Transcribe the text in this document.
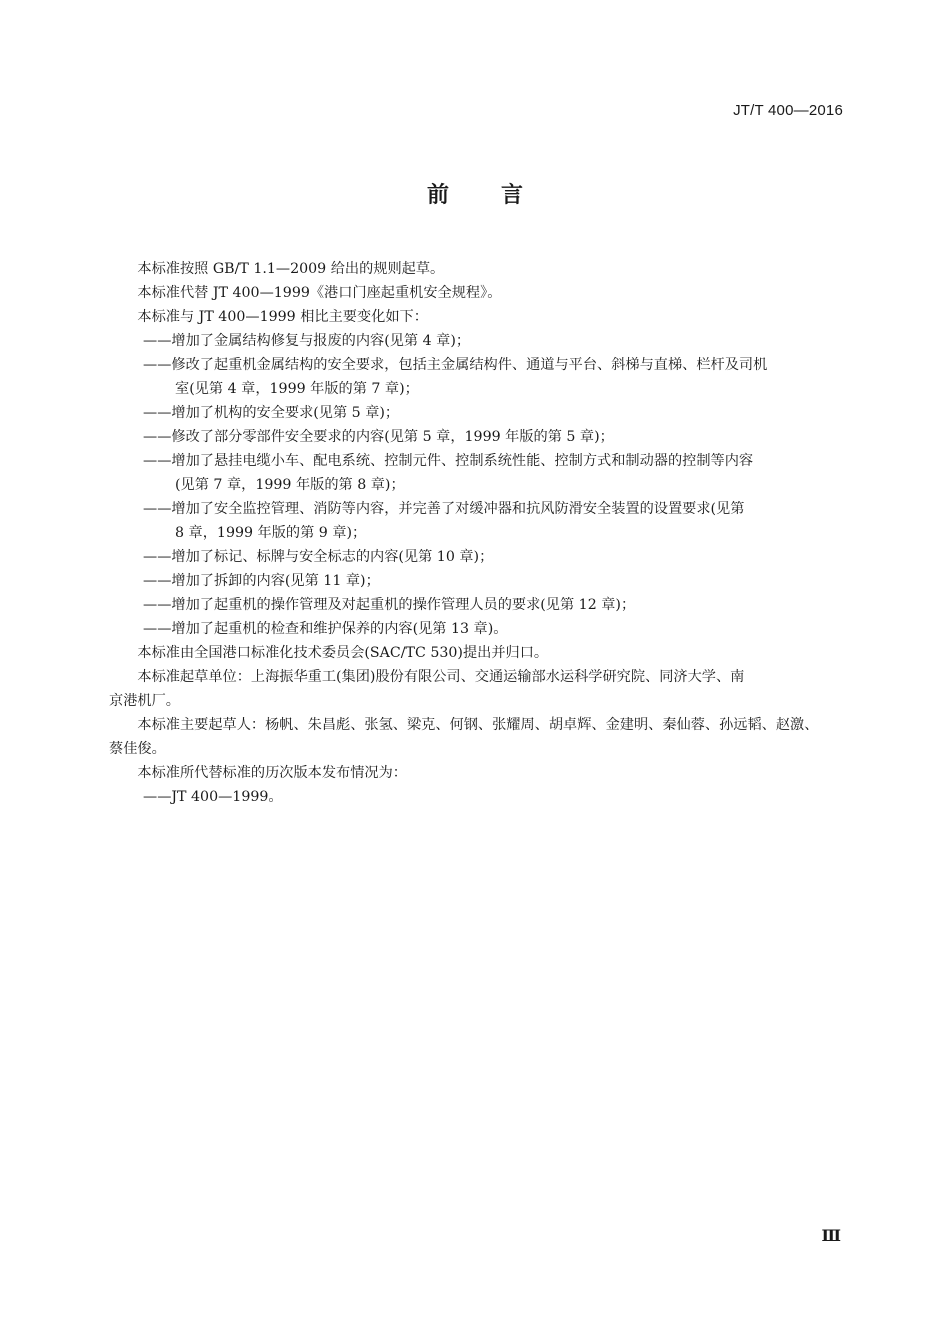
JT/T 400—2016
前言

本标准按照 GB/T 1.1—2009 给出的规则起草。

本标准代替 JT 400—1999《港口门座起重机安全规程》。

本标准与 JT 400—1999 相比主要变化如下：

——增加了金属结构修复与报废的内容(见第 4 章)；

——修改了起重机金属结构的安全要求，包括主金属结构件、通道与平台、斜梯与直梯、栏杆及司机
室(见第 4 章，1999 年版的第 7 章)；

——增加了机构的安全要求(见第 5 章)；

——修改了部分零部件安全要求的内容(见第 5 章，1999 年版的第 5 章)；

——增加了悬挂电缆小车、配电系统、控制元件、控制系统性能、控制方式和制动器的控制等内容
(见第 7 章，1999 年版的第 8 章)；

——增加了安全监控管理、消防等内容，并完善了对缓冲器和抗风防滑安全装置的设置要求(见第
8 章，1999 年版的第 9 章)；

——增加了标记、标牌与安全标志的内容(见第 10 章)；

——增加了拆卸的内容(见第 11 章)；

——增加了起重机的操作管理及对起重机的操作管理人员的要求(见第 12 章)；

——增加了起重机的检查和维护保养的内容(见第 13 章)。

本标准由全国港口标准化技术委员会(SAC/TC 530)提出并归口。

本标准起草单位：上海振华重工(集团)股份有限公司、交通运输部水运科学研究院、同济大学、南
京港机厂。

本标准主要起草人：杨帆、朱昌彪、张氢、梁克、何钢、张耀周、胡卓辉、金建明、秦仙蓉、孙远韬、赵激、
蔡佳俊。

本标准所代替标准的历次版本发布情况为：

——JT 400—1999。

Ⅲ
